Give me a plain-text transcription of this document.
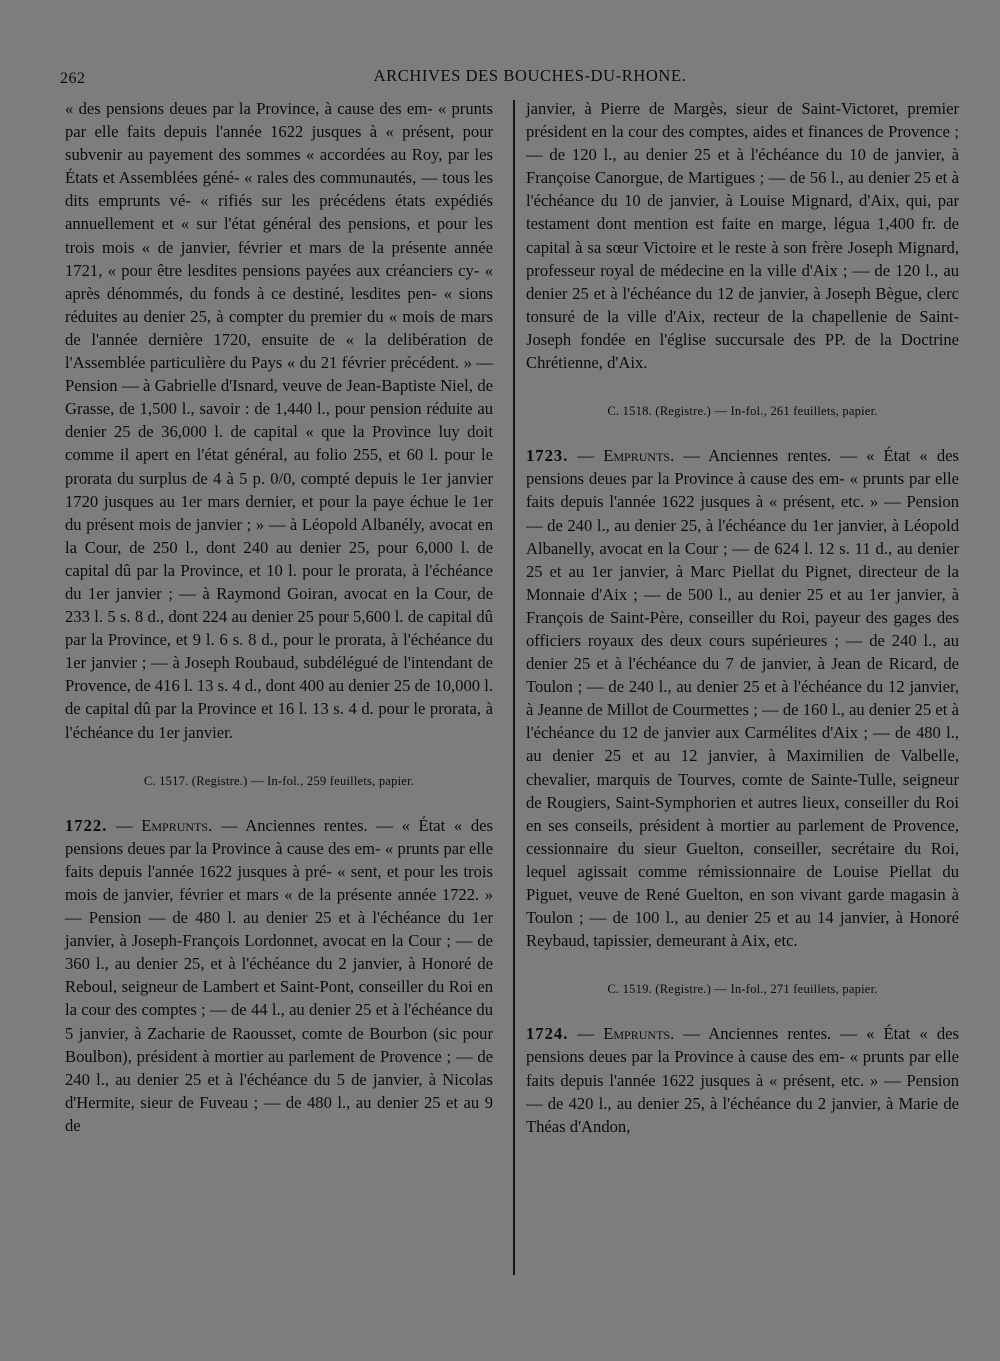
262	ARCHIVES DES BOUCHES-DU-RHONE.

« des pensions deues par la Province, à cause des em- « prunts par elle faits depuis l'année 1622 jusques à « présent, pour subvenir au payement des sommes « accordées au Roy, par les États et Assemblées géné- « rales des communautés, — tous les dits emprunts vé- « rifiés sur les précédens états expédiés annuellement et « sur l'état général des pensions, et pour les trois mois « de janvier, février et mars de la présente année 1721, « pour être lesdites pensions payées aux créanciers cy- « après dénommés, du fonds à ce destiné, lesdites pen- « sions réduites au denier 25, à compter du premier du « mois de mars de l'année dernière 1720, ensuite de « la delibération de l'Assemblée particulière du Pays « du 21 février précédent. » — Pension — à Gabrielle d'Isnard, veuve de Jean-Baptiste Niel, de Grasse, de 1,500 l., savoir : de 1,440 l., pour pension réduite au denier 25 de 36,000 l. de capital « que la Province luy doit comme il apert en l'état général, au folio 255, et 60 l. pour le prorata du surplus de 4 à 5 p. 0/0, compté depuis le 1er janvier 1720 jusques au 1er mars dernier, et pour la paye échue le 1er du présent mois de janvier ; » — à Léopold Albanély, avocat en la Cour, de 250 l., dont 240 au denier 25, pour 6,000 l. de capital dû par la Province, et 10 l. pour le prorata, à l'échéance du 1er janvier ; — à Raymond Goiran, avocat en la Cour, de 233 l. 5 s. 8 d., dont 224 au denier 25 pour 5,600 l. de capital dû par la Province, et 9 l. 6 s. 8 d., pour le prorata, à l'échéance du 1er janvier ; — à Joseph Roubaud, subdélégué de l'intendant de Provence, de 416 l. 13 s. 4 d., dont 400 au denier 25 de 10,000 l. de capital dû par la Province et 16 l. 13 s. 4 d. pour le prorata, à l'échéance du 1er janvier.

C. 1517. (Registre.) — In-fol., 259 feuillets, papier.

1722. — Emprunts. — Anciennes rentes. — « État « des pensions deues par la Province à cause des em- « prunts par elle faits depuis l'année 1622 jusques à pré- « sent, et pour les trois mois de janvier, février et mars « de la présente année 1722. » — Pension — de 480 l. au denier 25 et à l'échéance du 1er janvier, à Joseph-François Lordonnet, avocat en la Cour ; — de 360 l., au denier 25, et à l'échéance du 2 janvier, à Honoré de Reboul, seigneur de Lambert et Saint-Pont, conseiller du Roi en la cour des comptes ; — de 44 l., au denier 25 et à l'échéance du 5 janvier, à Zacharie de Raousset, comte de Bourbon (sic pour Boulbon), président à mortier au parlement de Provence ; — de 240 l., au denier 25 et à l'échéance du 5 de janvier, à Nicolas d'Hermite, sieur de Fuveau ; — de 480 l., au denier 25 et au 9 de

janvier, à Pierre de Margès, sieur de Saint-Victoret, premier président en la cour des comptes, aides et finances de Provence ; — de 120 l., au denier 25 et à l'échéance du 10 de janvier, à Françoise Canorgue, de Martigues ; — de 56 l., au denier 25 et à l'échéance du 10 de janvier, à Louise Mignard, d'Aix, qui, par testament dont mention est faite en marge, légua 1,400 fr. de capital à sa sœur Victoire et le reste à son frère Joseph Mignard, professeur royal de médecine en la ville d'Aix ; — de 120 l., au denier 25 et à l'échéance du 12 de janvier, à Joseph Bègue, clerc tonsuré de la ville d'Aix, recteur de la chapellenie de Saint-Joseph fondée en l'église succursale des PP. de la Doctrine Chrétienne, d'Aix.

C. 1518. (Registre.) — In-fol., 261 feuillets, papier.

1723. — Emprunts. — Anciennes rentes. — « État « des pensions deues par la Province à cause des em- « prunts par elle faits depuis l'année 1622 jusques à « présent, etc. » — Pension — de 240 l., au denier 25, à l'échéance du 1er janvier, à Léopold Albanelly, avocat en la Cour ; — de 624 l. 12 s. 11 d., au denier 25 et au 1er janvier, à Marc Piellat du Pignet, directeur de la Monnaie d'Aix ; — de 500 l., au denier 25 et au 1er janvier, à François de Saint-Père, conseiller du Roi, payeur des gages des officiers royaux des deux cours supérieures ; — de 240 l., au denier 25 et à l'échéance du 7 de janvier, à Jean de Ricard, de Toulon ; — de 240 l., au denier 25 et à l'échéance du 12 janvier, à Jeanne de Millot de Courmettes ; — de 160 l., au denier 25 et à l'échéance du 12 de janvier aux Carmélites d'Aix ; — de 480 l., au denier 25 et au 12 janvier, à Maximilien de Valbelle, chevalier, marquis de Tourves, comte de Sainte-Tulle, seigneur de Rougiers, Saint-Symphorien et autres lieux, conseiller du Roi en ses conseils, président à mortier au parlement de Provence, cessionnaire du sieur Guelton, conseiller, secrétaire du Roi, lequel agissait comme rémissionnaire de Louise Piellat du Piguet, veuve de René Guelton, en son vivant garde magasin à Toulon ; — de 100 l., au denier 25 et au 14 janvier, à Honoré Reybaud, tapissier, demeurant à Aix, etc.

C. 1519. (Registre.) — In-fol., 271 feuillets, papier.

1724. — Emprunts. — Anciennes rentes. — « État « des pensions deues par la Province à cause des em- « prunts par elle faits depuis l'année 1622 jusques à « présent, etc. » — Pension — de 420 l., au denier 25, à l'échéance du 2 janvier, à Marie de Théas d'Andon,
